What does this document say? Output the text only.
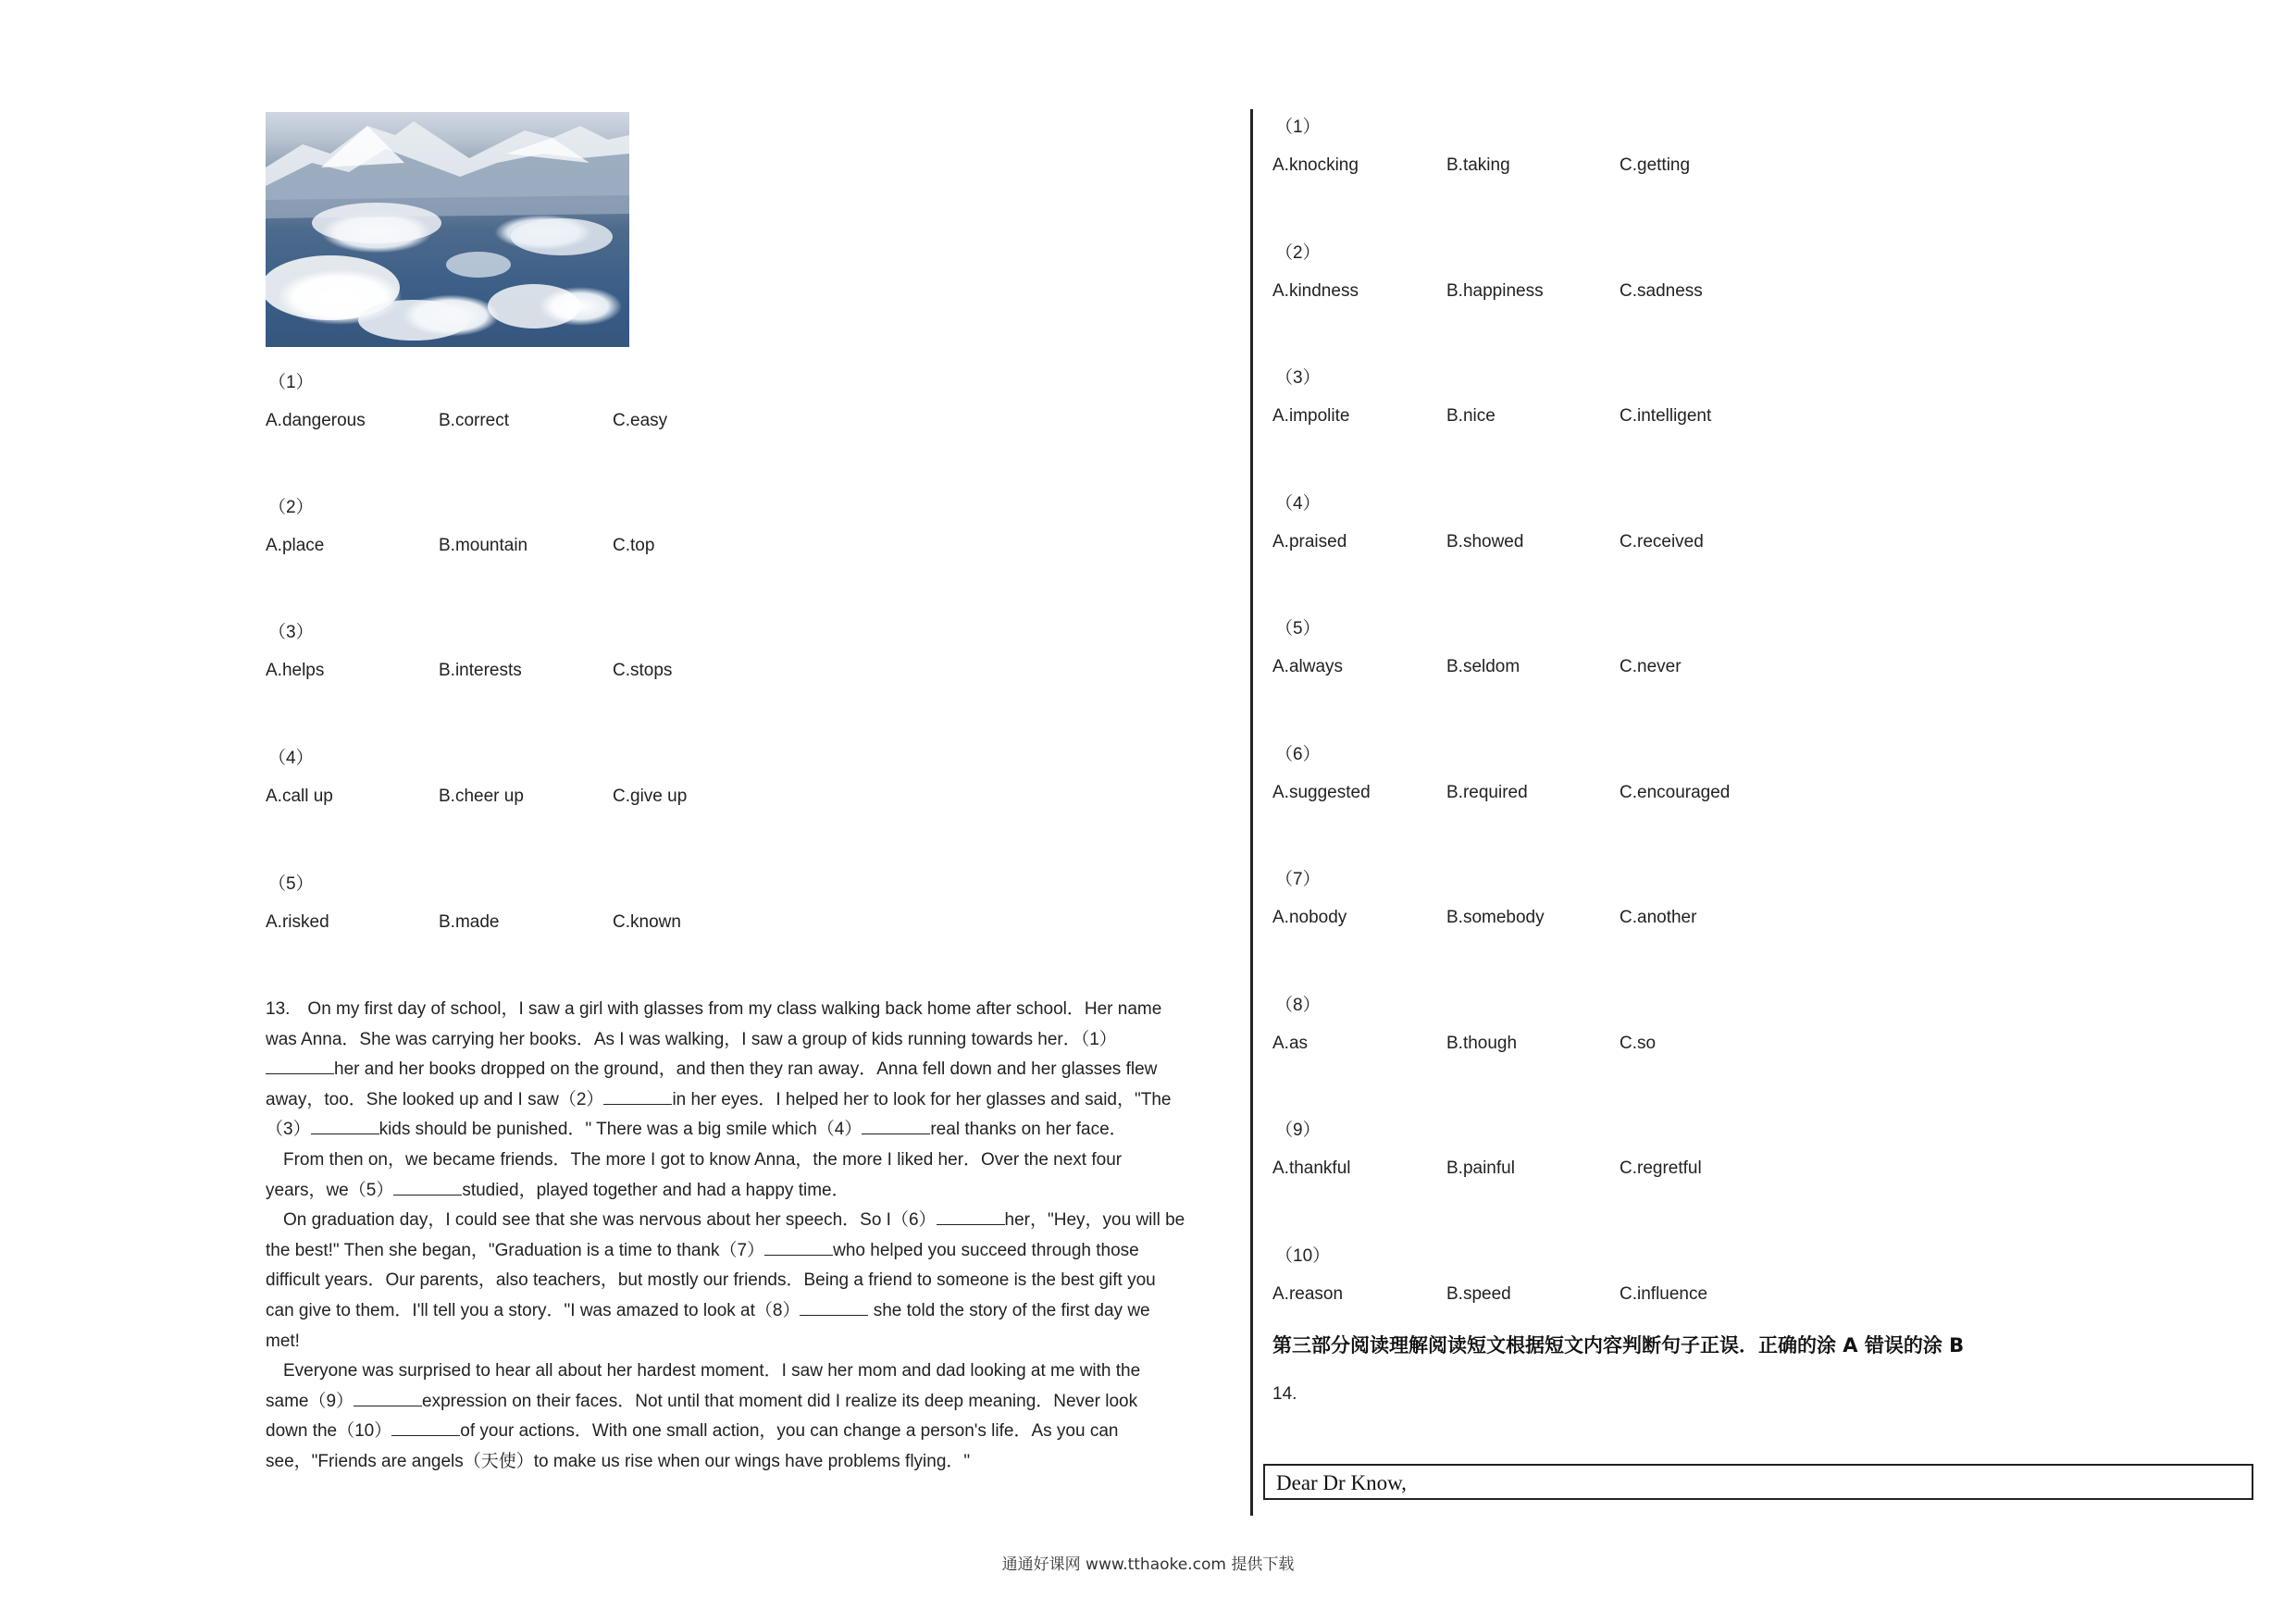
（1）
A.dangerous	B.correct	C.easy
（2）
A.place	B.mountain	C.top
（3）
A.helps	B.interests	C.stops
（4）
A.call up	B.cheer up	C.give up
（5）
A.risked	B.made	C.known
13.　On my first day of school，I saw a girl with glasses from my class walking back home after school．Her name
was Anna．She was carrying her books．As I was walking，I saw a group of kids running towards her．（1）
her and her books dropped on the ground，and then they ran away．Anna fell down and her glasses flew
away，too．She looked up and I saw（2）	in her eyes．I helped her to look for her glasses and said，"The
（3）	kids should be punished．" There was a big smile which（4）	real thanks on her face．
　From then on，we became friends．The more I got to know Anna，the more I liked her．Over the next four
years，we（5）	studied，played together and had a happy time．
　On graduation day，I could see that she was nervous about her speech．So I（6）	her，"Hey，you will be
the best!" Then she began，"Graduation is a time to thank（7）	who helped you succeed through those
difficult years．Our parents，also teachers，but mostly our friends．Being a friend to someone is the best gift you
can give to them．I'll tell you a story．"I was amazed to look at（8）	she told the story of the first day we
met!
　Everyone was surprised to hear all about her hardest moment．I saw her mom and dad looking at me with the
same（9）	expression on their faces．Not until that moment did I realize its deep meaning．Never look
down the（10）	of your actions．With one small action，you can change a person's life．As you can
see，"Friends are angels（天使）to make us rise when our wings have problems flying．"
（1）
A.knocking	B.taking	C.getting
（2）
A.kindness	B.happiness	C.sadness
（3）
A.impolite	B.nice	C.intelligent
（4）
A.praised	B.showed	C.received
（5）
A.always	B.seldom	C.never
（6）
A.suggested	B.required	C.encouraged
（7）
A.nobody	B.somebody	C.another
（8）
A.as	B.though	C.so
（9）
A.thankful	B.painful	C.regretful
（10）
A.reason	B.speed	C.influence
第三部分阅读理解阅读短文根据短文内容判断句子正误．正确的涂 A 错误的涂 B
14.
Dear Dr Know,
通通好课网 www.tthaoke.com 提供下载
